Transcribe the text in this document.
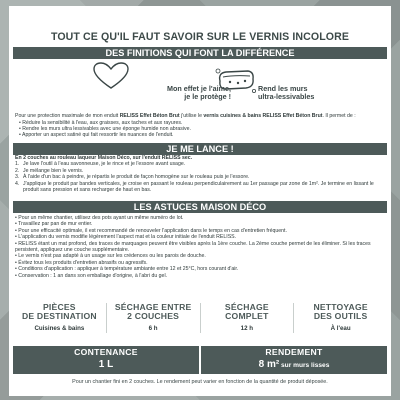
TOUT CE QU'IL FAUT SAVOIR SUR LE VERNIS INCOLORE
DES FINITIONS QUI FONT LA DIFFÉRENCE
Mon effet je l'aime,
je le protège !
Rend les murs
ultra-lessivables
Pour une protection maximale de mon enduit RELISS Effet Béton Brut j'utilise le vernis cuisines & bains RELISS Effet Béton Brut. Il permet de :
• Réduire la sensibilité à l'eau, aux graisses, aux taches et aux rayures.
• Rendre les murs ultra lessivables avec une éponge humide non abrasive.
• Apporter un aspect satiné qui fait ressortir les nuances de l'enduit.
JE ME LANCE !
En 2 couches au rouleau laqueur Maison Déco, sur l'enduit RELISS sec.
1. Je lave l'outil à l'eau savonneuse, je le rince et je l'essore avant usage.
2. Je mélange bien le vernis.
3. À l'aide d'un bac à peindre, je répartis le produit de façon homogène sur le rouleau puis je l'essore.
4. J'applique le produit par bandes verticales, je croise en passant le rouleau perpendiculairement au 1er passage par zone de 1m². Je termine en lissant le produit sans pression et sans recharger de haut en bas.
LES ASTUCES MAISON DÉCO
• Pour un même chantier, utilisez des pots ayant un même numéro de lot.
• Travaillez par pan de mur entier.
• Pour une efficacité optimale, il est recommandé de renouveler l'application dans le temps en cas d'entretien fréquent.
• L'application du vernis modifie légèrement l'aspect mat et la couleur initiale de l'enduit RELISS.
• RELISS étant un mat profond, des traces de marquages peuvent être visibles après la 1ère couche. La 2ème couche permet de les éliminer. Si les traces persistent, appliquez une couche supplémentaire.
• Le vernis n'est pas adapté à un usage sur les crédences ou les parois de douche.
• Évitez tous les produits d'entretien abrasifs ou agressifs.
• Conditions d'application : appliquer à température ambiante entre 12 et 25°C, hors courant d'air.
• Conservation : 1 an dans son emballage d'origine, à l'abri du gel.
PIÈCES
DE DESTINATION
Cuisines & bains
SÉCHAGE ENTRE
2 COUCHES
6 h
SÉCHAGE
COMPLET
12 h
NETTOYAGE
DES OUTILS
À l'eau
CONTENANCE
1 L
RENDEMENT
8 m² sur murs lisses
Pour un chantier fini en 2 couches. Le rendement peut varier en fonction de la quantité de produit déposée.
